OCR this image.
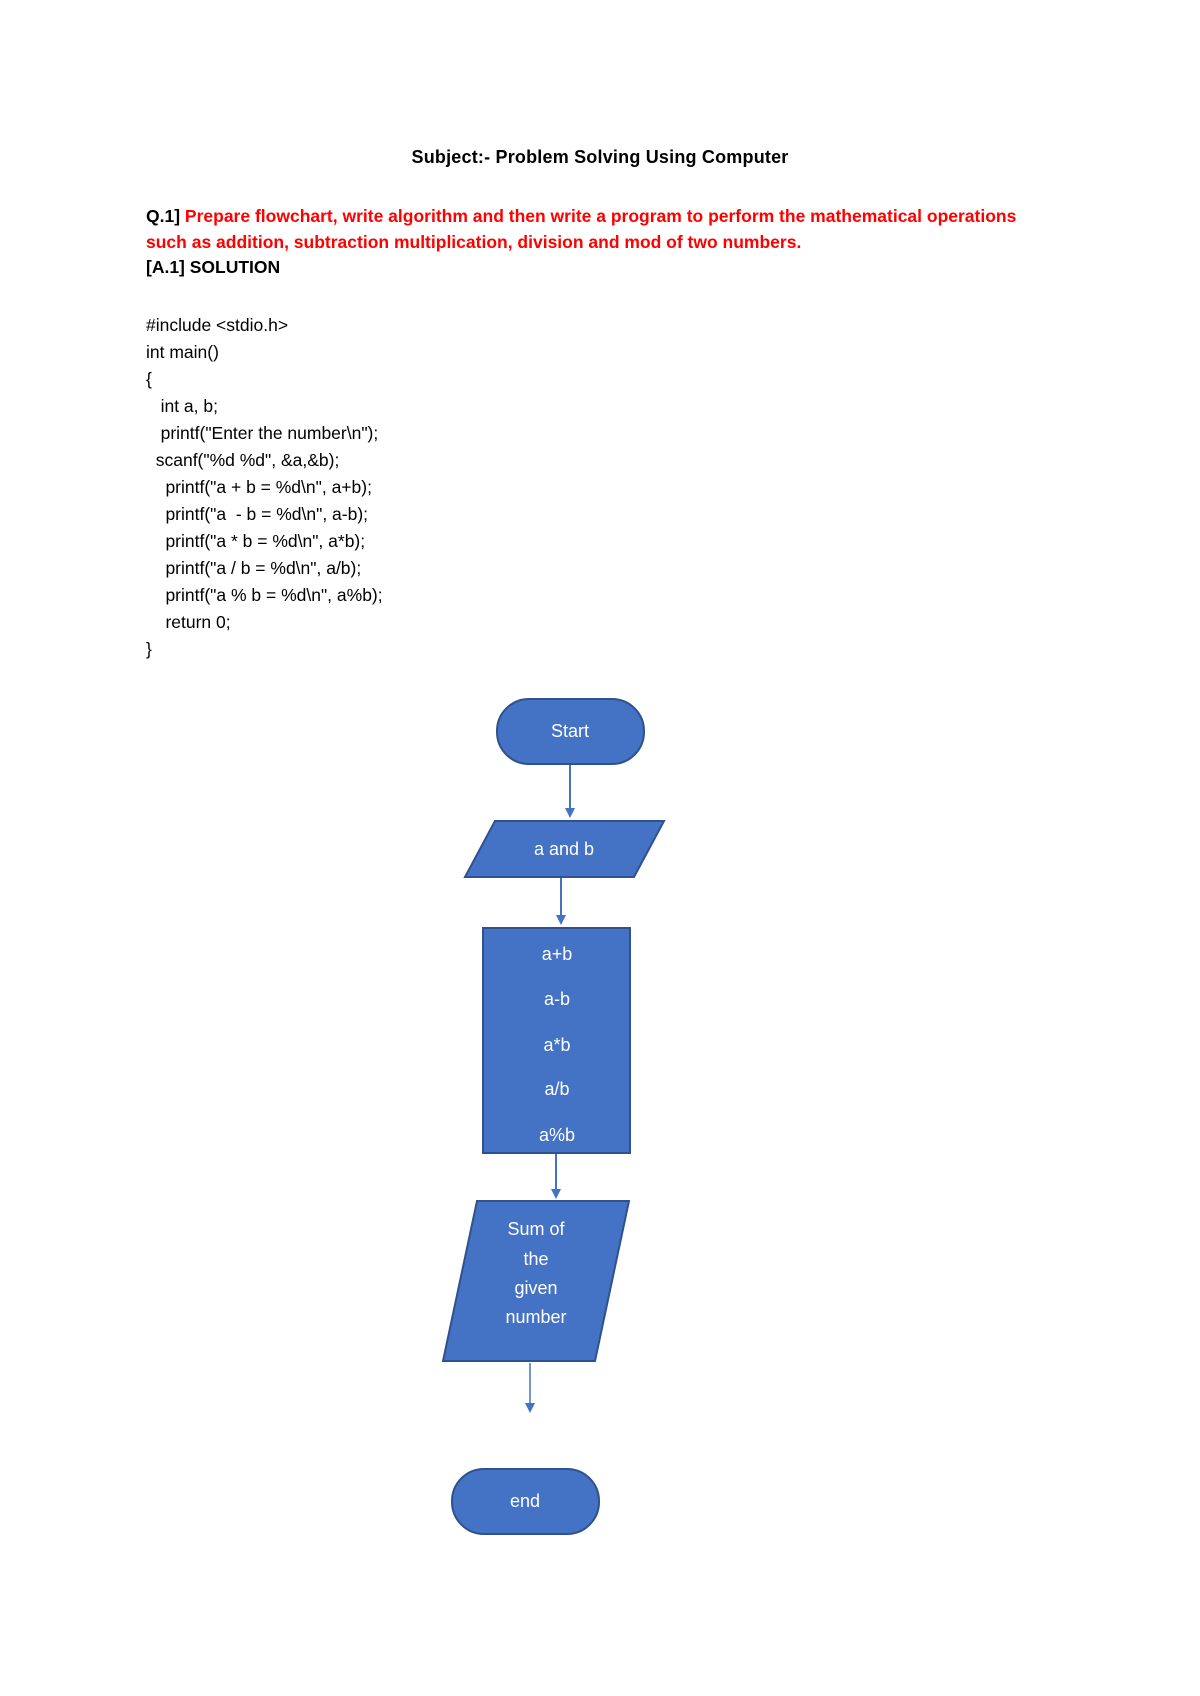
Subject:- Problem Solving Using Computer
Q.1] Prepare flowchart, write algorithm and then write a program to perform the mathematical operations such as addition, subtraction multiplication, division and mod of two numbers.
[A.1] SOLUTION
#include <stdio.h>
int main()
{
int a, b;
printf("Enter the number\n");
scanf("%d %d", &a,&b);
printf("a + b = %d\n", a+b);
printf("a  - b = %d\n", a-b);
printf("a * b = %d\n", a*b);
printf("a / b = %d\n", a/b);
printf("a % b = %d\n", a%b);
return 0;
}
Start
a and b
a+b
a-b
a*b
a/b
a%b
Sum of
the
given
number
end
